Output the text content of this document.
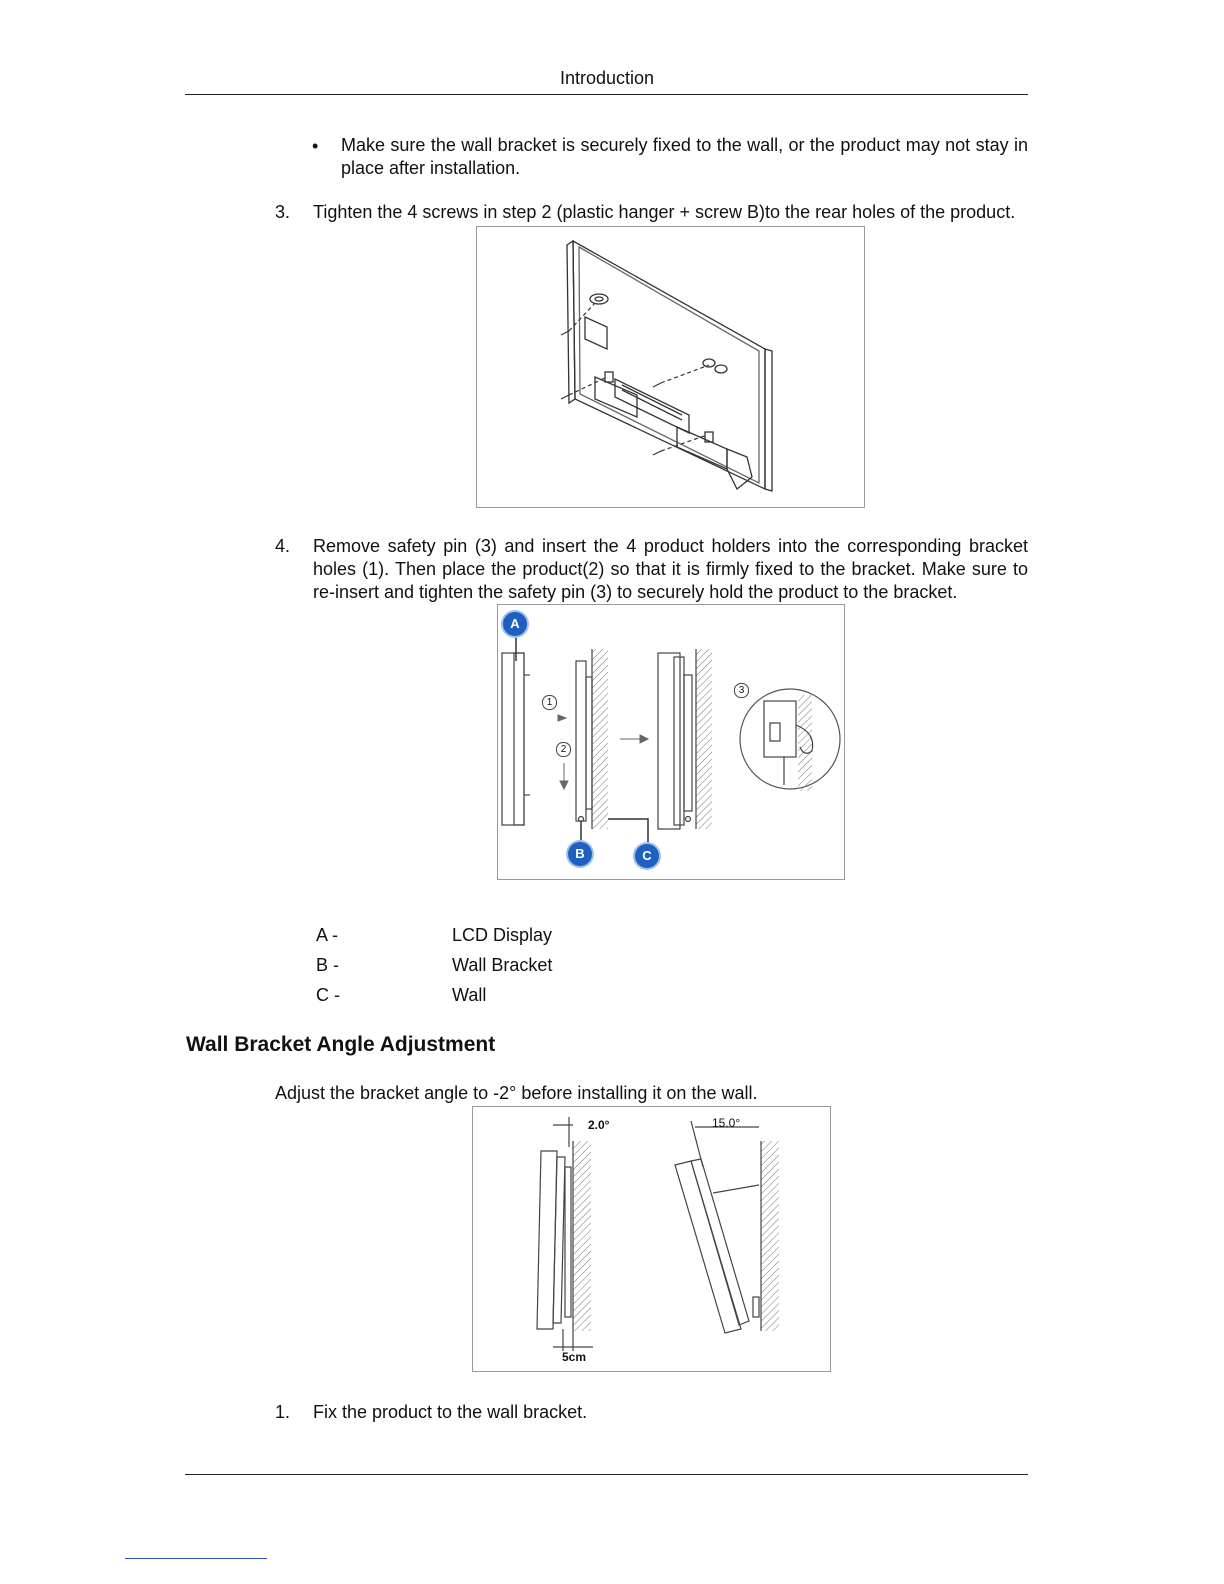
Introduction
• Make sure the wall bracket is securely fixed to the wall, or the product may not stay in place after installation.
3. Tighten the 4 screws in step 2 (plastic hanger + screw B)to the rear holes of the product.
4. Remove safety pin (3) and insert the 4 product holders into the corresponding bracket holes (1). Then place the product(2) so that it is firmly fixed to the bracket. Make sure to re-insert and tighten the safety pin (3) to securely hold the product to the bracket.
A
B	C
1
2
3
A -	LCD Display
B -	Wall Bracket
C -	Wall
Wall Bracket Angle Adjustment
Adjust the bracket angle to -2° before installing it on the wall.
2.0°	15.0°
5cm
1. Fix the product to the wall bracket.
